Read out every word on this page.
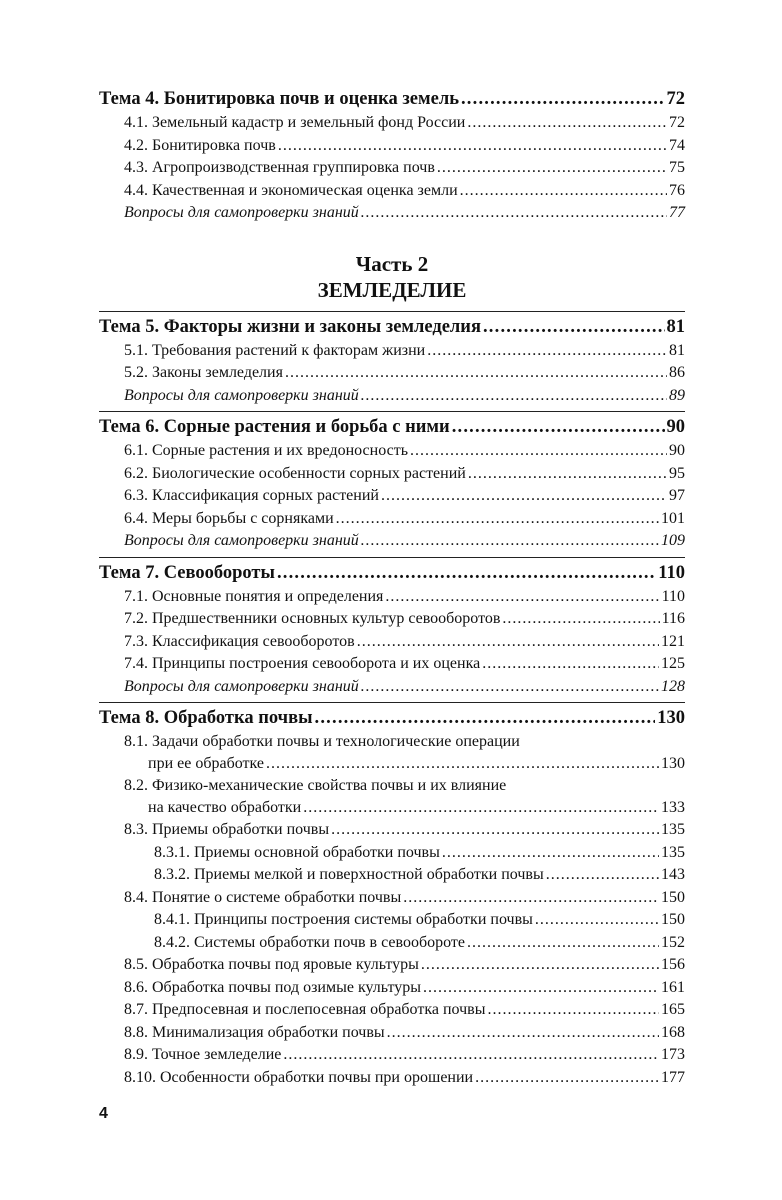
Тема 4. Бонитировка почв и оценка земель .....	72
4.1. Земельный кадастр и земельный фонд России .....	72
4.2. Бонитировка почв .....	74
4.3. Агропроизводственная группировка почв .....	75
4.4. Качественная и экономическая оценка земли .....	76
Вопросы для самопроверки знаний .....	77
Часть 2
ЗЕМЛЕДЕЛИЕ
Тема 5. Факторы жизни и законы земледелия .....	81
5.1. Требования растений к факторам жизни .....	81
5.2. Законы земледелия .....	86
Вопросы для самопроверки знаний .....	89
Тема 6. Сорные растения и борьба с ними .....	90
6.1. Сорные растения и их вредоносность .....	90
6.2. Биологические особенности сорных растений .....	95
6.3. Классификация сорных растений .....	97
6.4. Меры борьбы с сорняками .....	101
Вопросы для самопроверки знаний .....	109
Тема 7. Севообороты .....	110
7.1. Основные понятия и определения .....	110
7.2. Предшественники основных культур севооборотов .....	116
7.3. Классификация севооборотов .....	121
7.4. Принципы построения севооборота и их оценка .....	125
Вопросы для самопроверки знаний .....	128
Тема 8. Обработка почвы .....	130
8.1. Задачи обработки почвы и технологические операции
при ее обработке .....	130
8.2. Физико-механические свойства почвы и их влияние
на качество обработки .....	133
8.3. Приемы обработки почвы .....	135
8.3.1. Приемы основной обработки почвы .....	135
8.3.2. Приемы мелкой и поверхностной обработки почвы .....	143
8.4. Понятие о системе обработки почвы .....	150
8.4.1. Принципы построения системы обработки почвы .....	150
8.4.2. Системы обработки почв в севообороте .....	152
8.5. Обработка почвы под яровые культуры .....	156
8.6. Обработка почвы под озимые культуры .....	161
8.7. Предпосевная и послепосевная обработка почвы .....	165
8.8. Минимализация обработки почвы .....	168
8.9. Точное земледелие .....	173
8.10. Особенности обработки почвы при орошении .....	177
4
